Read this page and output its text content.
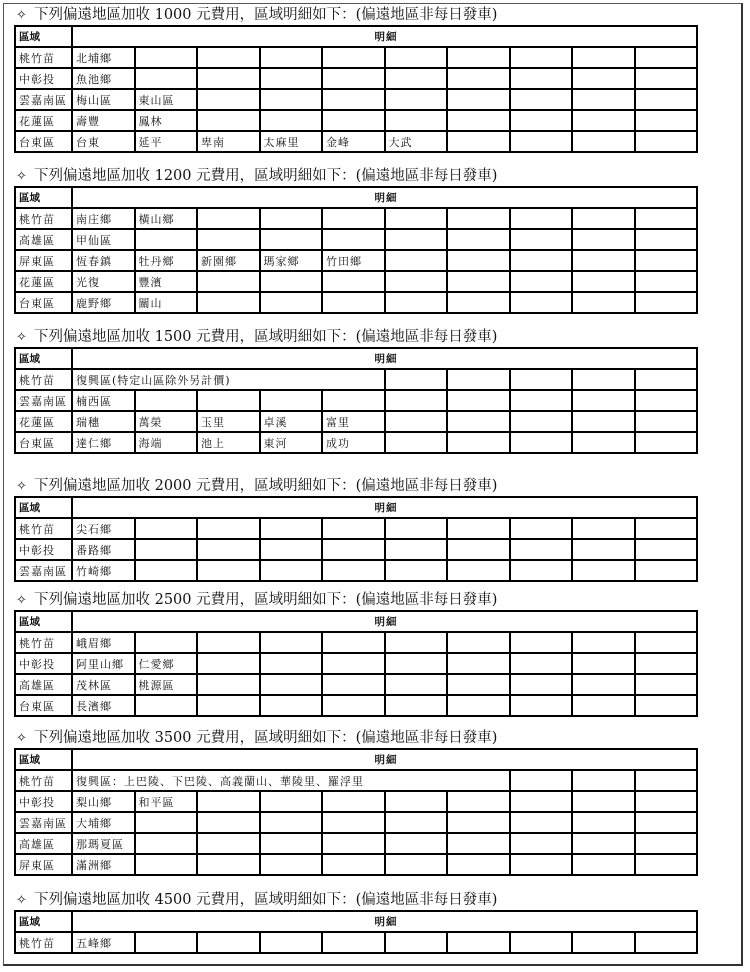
✧ 下列偏遠地區加收 1000 元費用，區域明細如下：(偏遠地區非每日發車)
區域	明細									
桃竹苗	北埔鄉									
中彰投	魚池鄉									
雲嘉南區	梅山區	東山區								
花蓮區	壽豐	鳳林								
台東區	台東	延平	卑南	太麻里	金峰	大武				
✧ 下列偏遠地區加收 1200 元費用，區域明細如下：(偏遠地區非每日發車)
區域	明細									
桃竹苗	南庄鄉	橫山鄉								
高雄區	甲仙區									
屏東區	恆春鎮	牡丹鄉	新園鄉	瑪家鄉	竹田鄉					
花蓮區	光復	豐濱								
台東區	鹿野鄉	關山								
✧ 下列偏遠地區加收 1500 元費用，區域明細如下：(偏遠地區非每日發車)
區域	明細									
桃竹苗	復興區(特定山區除外另計價)									
雲嘉南區	楠西區									
花蓮區	瑞穗	萬榮	玉里	卓溪	富里					
台東區	達仁鄉	海端	池上	東河	成功					
✧ 下列偏遠地區加收 2000 元費用，區域明細如下：(偏遠地區非每日發車)
區域	明細									
桃竹苗	尖石鄉									
中彰投	番路鄉									
雲嘉南區	竹崎鄉									
✧ 下列偏遠地區加收 2500 元費用，區域明細如下：(偏遠地區非每日發車)
區域	明細									
桃竹苗	峨眉鄉									
中彰投	阿里山鄉	仁愛鄉								
高雄區	茂林區	桃源區								
台東區	長濱鄉									
✧ 下列偏遠地區加收 3500 元費用，區域明細如下：(偏遠地區非每日發車)
區域	明細									
桃竹苗	復興區：上巴陵、下巴陵、高義蘭山、華陵里、羅浮里									
中彰投	梨山鄉	和平區								
雲嘉南區	大埔鄉									
高雄區	那瑪夏區									
屏東區	滿洲鄉									
✧ 下列偏遠地區加收 4500 元費用，區域明細如下：(偏遠地區非每日發車)
區域	明細									
桃竹苗	五峰鄉									
